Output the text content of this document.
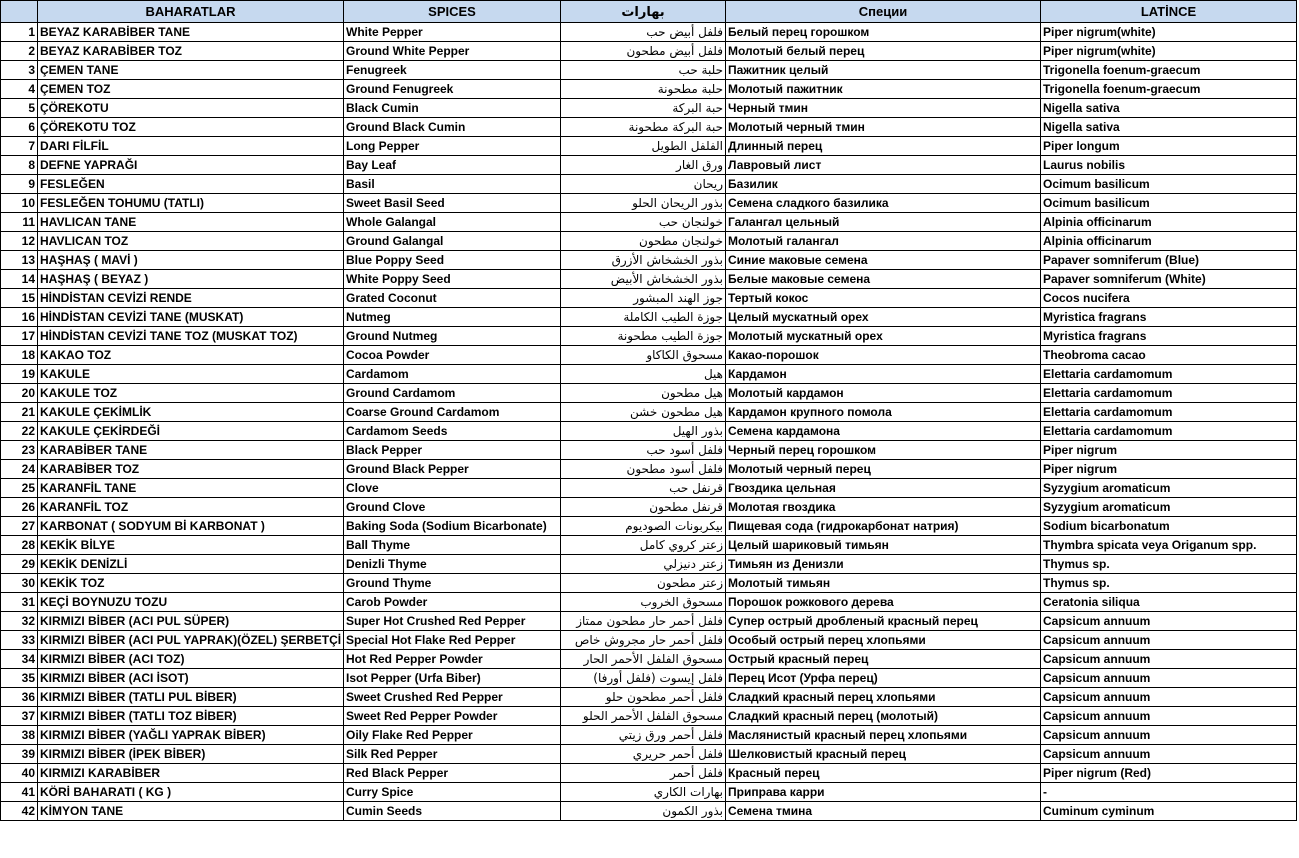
	BAHARATLAR	SPICES	بهارات	Специи	LATİNCE
1	BEYAZ KARABİBER TANE	White Pepper	فلفل أبيض حب	Белый перец горошком	Piper nigrum(white)
2	BEYAZ KARABİBER TOZ	Ground White Pepper	فلفل أبيض مطحون	Молотый белый перец	Piper nigrum(white)
3	ÇEMEN TANE	Fenugreek	حلبة حب	Пажитник целый	Trigonella foenum-graecum
4	ÇEMEN TOZ	Ground Fenugreek	حلبة مطحونة	Молотый пажитник	Trigonella foenum-graecum
5	ÇÖREKOTU	Black Cumin	حبة البركة	Черный тмин	Nigella sativa
6	ÇÖREKOTU TOZ	Ground Black Cumin	حبة البركة مطحونة	Молотый черный тмин	Nigella sativa
7	DARI FİLFİL	Long Pepper	الفلفل الطويل	Длинный перец	Piper longum
8	DEFNE YAPRAĞI	Bay Leaf	ورق الغار	Лавровый лист	Laurus nobilis
9	FESLEĞEN	Basil	ريحان	Базилик	Ocimum basilicum
10	FESLEĞEN TOHUMU (TATLI)	Sweet Basil Seed	بذور الريحان الحلو	Семена сладкого базилика	Ocimum basilicum
11	HAVLICAN TANE	Whole Galangal	خولنجان حب	Галангал цельный	Alpinia officinarum
12	HAVLICAN TOZ	Ground Galangal	خولنجان مطحون	Молотый галангал	Alpinia officinarum
13	HAŞHAŞ ( MAVİ )	Blue Poppy Seed	بذور الخشخاش الأزرق	Синие маковые семена	Papaver somniferum (Blue)
14	HAŞHAŞ ( BEYAZ )	White Poppy Seed	بذور الخشخاش الأبيض	Белые маковые семена	Papaver somniferum (White)
15	HİNDİSTAN CEVİZİ RENDE	Grated Coconut	جوز الهند المبشور	Тертый кокос	Cocos nucifera
16	HİNDİSTAN CEVİZİ TANE (MUSKAT)	Nutmeg	جوزة الطيب الكاملة	Целый мускатный орех	Myristica fragrans
17	HİNDİSTAN CEVİZİ TANE TOZ (MUSKAT TOZ)	Ground Nutmeg	جوزة الطيب مطحونة	Молотый мускатный орех	Myristica fragrans
18	KAKAO TOZ	Cocoa Powder	مسحوق الكاكاو	Какао-порошок	Theobroma cacao
19	KAKULE	Cardamom	هيل	Кардамон	Elettaria cardamomum
20	KAKULE TOZ	Ground Cardamom	هيل مطحون	Молотый кардамон	Elettaria cardamomum
21	KAKULE ÇEKİMLİK	Coarse Ground Cardamom	هيل مطحون خشن	Кардамон крупного помола	Elettaria cardamomum
22	KAKULE ÇEKİRDEĞİ	Cardamom Seeds	بذور الهيل	Семена кардамона	Elettaria cardamomum
23	KARABİBER TANE	Black Pepper	فلفل أسود حب	Черный перец горошком	Piper nigrum
24	KARABİBER TOZ	Ground Black Pepper	فلفل أسود مطحون	Молотый черный перец	Piper nigrum
25	KARANFİL TANE	Clove	قرنفل حب	Гвоздика цельная	Syzygium aromaticum
26	KARANFİL TOZ	Ground Clove	قرنفل مطحون	Молотая гвоздика	Syzygium aromaticum
27	KARBONAT ( SODYUM Bİ KARBONAT )	Baking Soda (Sodium Bicarbonate)	بيكربونات الصوديوم	Пищевая сода (гидрокарбонат натрия)	Sodium bicarbonatum
28	KEKİK BİLYE	Ball Thyme	زعتر كروي كامل	Целый шариковый тимьян	Thymbra spicata veya Origanum spp.
29	KEKİK DENİZLİ	Denizli Thyme	زعتر دنيزلي	Тимьян из Денизли	Thymus sp.
30	KEKİK TOZ	Ground Thyme	زعتر مطحون	Молотый тимьян	Thymus sp.
31	KEÇİ BOYNUZU TOZU	Carob Powder	مسحوق الخروب	Порошок рожкового дерева	Ceratonia siliqua
32	KIRMIZI BİBER (ACI PUL SÜPER)	Super Hot Crushed Red Pepper	فلفل أحمر حار مطحون ممتاز	Супер острый дробленый красный перец	Capsicum annuum
33	KIRMIZI BİBER (ACI PUL YAPRAK)(ÖZEL) ŞERBETÇİ	Special Hot Flake Red Pepper	فلفل أحمر حار مجروش خاص	Особый острый перец хлопьями	Capsicum annuum
34	KIRMIZI BİBER (ACI TOZ)	Hot Red Pepper Powder	مسحوق الفلفل الأحمر الحار	Острый красный перец	Capsicum annuum
35	KIRMIZI BİBER (ACI İSOT)	Isot Pepper (Urfa Biber)	فلفل إيسوت (فلفل أورفا)	Перец Исот (Урфа перец)	Capsicum annuum
36	KIRMIZI BİBER (TATLI PUL BİBER)	Sweet Crushed Red Pepper	فلفل أحمر مطحون حلو	Сладкий красный перец хлопьями	Capsicum annuum
37	KIRMIZI BİBER (TATLI TOZ BİBER)	Sweet Red Pepper Powder	مسحوق الفلفل الأحمر الحلو	Сладкий красный перец (молотый)	Capsicum annuum
38	KIRMIZI BİBER (YAĞLI YAPRAK BİBER)	Oily Flake Red Pepper	فلفل أحمر ورق زيتي	Маслянистый красный перец хлопьями	Capsicum annuum
39	KIRMIZI BİBER (İPEK BİBER)	Silk Red Pepper	فلفل أحمر حريري	Шелковистый красный перец	Capsicum annuum
40	KIRMIZI KARABİBER	Red Black Pepper	فلفل أحمر	Красный перец	Piper nigrum (Red)
41	KÖRİ BAHARATI ( KG )	Curry Spice	بهارات الكاري	Приправа карри	-
42	KİMYON TANE	Cumin Seeds	بذور الكمون	Семена тмина	Cuminum cyminum
